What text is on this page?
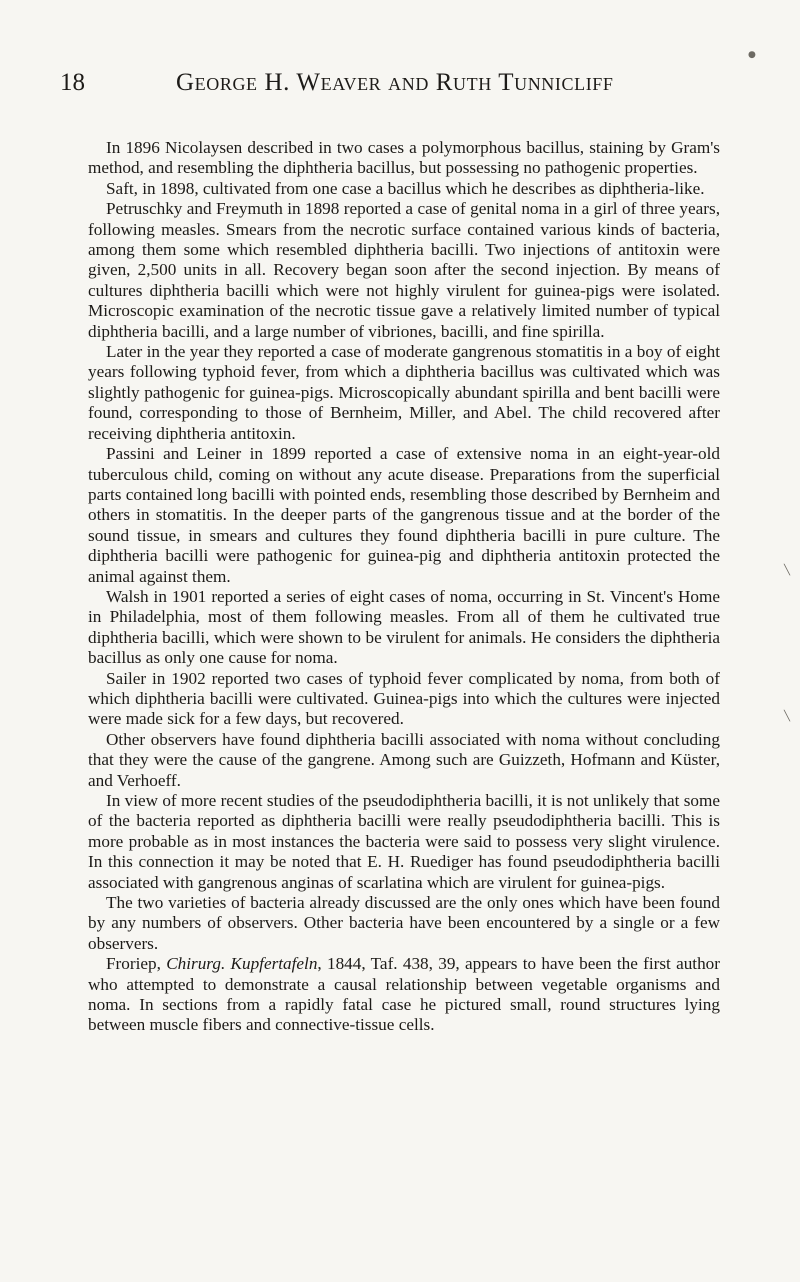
●
╲
╲
18	George H. Weaver and Ruth Tunnicliff

In 1896 Nicolaysen described in two cases a polymorphous bacillus, staining by Gram's method, and resembling the diphtheria bacillus, but possessing no pathogenic properties.

Saft, in 1898, cultivated from one case a bacillus which he describes as diphtheria-like.

Petruschky and Freymuth in 1898 reported a case of genital noma in a girl of three years, following measles. Smears from the necrotic surface contained various kinds of bacteria, among them some which resembled diphtheria bacilli. Two injections of antitoxin were given, 2,500 units in all. Recovery began soon after the second injection. By means of cultures diphtheria bacilli which were not highly virulent for guinea-pigs were isolated. Microscopic examination of the necrotic tissue gave a relatively limited number of typical diphtheria bacilli, and a large number of vibriones, bacilli, and fine spirilla.

Later in the year they reported a case of moderate gangrenous stomatitis in a boy of eight years following typhoid fever, from which a diphtheria bacillus was cultivated which was slightly pathogenic for guinea-pigs. Microscopically abundant spirilla and bent bacilli were found, corresponding to those of Bernheim, Miller, and Abel. The child recovered after receiving diphtheria antitoxin.

Passini and Leiner in 1899 reported a case of extensive noma in an eight-year-old tuberculous child, coming on without any acute disease. Preparations from the superficial parts contained long bacilli with pointed ends, resembling those described by Bernheim and others in stomatitis. In the deeper parts of the gangrenous tissue and at the border of the sound tissue, in smears and cultures they found diphtheria bacilli in pure culture. The diphtheria bacilli were pathogenic for guinea-pig and diphtheria antitoxin protected the animal against them.

Walsh in 1901 reported a series of eight cases of noma, occurring in St. Vincent's Home in Philadelphia, most of them following measles. From all of them he cultivated true diphtheria bacilli, which were shown to be virulent for animals. He considers the diphtheria bacillus as only one cause for noma.

Sailer in 1902 reported two cases of typhoid fever complicated by noma, from both of which diphtheria bacilli were cultivated. Guinea-pigs into which the cultures were injected were made sick for a few days, but recovered.

Other observers have found diphtheria bacilli associated with noma without concluding that they were the cause of the gangrene. Among such are Guizzeth, Hofmann and Küster, and Verhoeff.

In view of more recent studies of the pseudodiphtheria bacilli, it is not unlikely that some of the bacteria reported as diphtheria bacilli were really pseudodiphtheria bacilli. This is more probable as in most instances the bacteria were said to possess very slight virulence. In this connection it may be noted that E. H. Ruediger has found pseudodiphtheria bacilli associated with gangrenous anginas of scarlatina which are virulent for guinea-pigs.

The two varieties of bacteria already discussed are the only ones which have been found by any numbers of observers. Other bacteria have been encountered by a single or a few observers.

Froriep, Chirurg. Kupfertafeln, 1844, Taf. 438, 39, appears to have been the first author who attempted to demonstrate a causal relationship between vegetable organisms and noma. In sections from a rapidly fatal case he pictured small, round structures lying between muscle fibers and connective-tissue cells.
